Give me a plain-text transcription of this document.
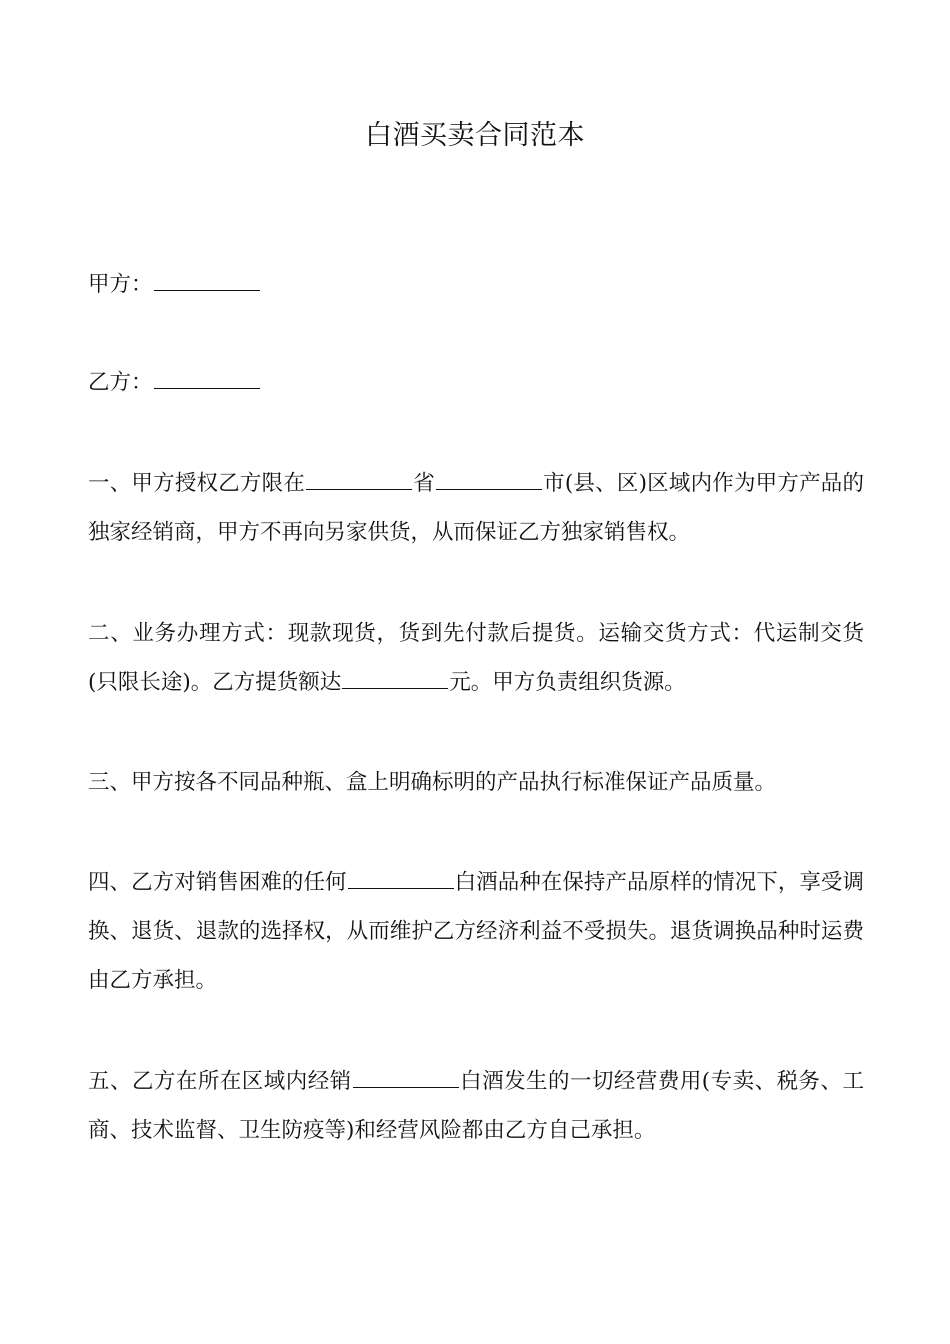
白酒买卖合同范本

甲方：

乙方：

一、甲方授权乙方限在	省	市(县、区)区域内作为甲方产品的独家经销商，甲方不再向另家供货，从而保证乙方独家销售权。

二、业务办理方式：现款现货，货到先付款后提货。运输交货方式：代运制交货(只限长途)。乙方提货额达	元。甲方负责组织货源。

三、甲方按各不同品种瓶、盒上明确标明的产品执行标准保证产品质量。

四、乙方对销售困难的任何	白酒品种在保持产品原样的情况下，享受调换、退货、退款的选择权，从而维护乙方经济利益不受损失。退货调换品种时运费由乙方承担。

五、乙方在所在区域内经销	白酒发生的一切经营费用(专卖、税务、工商、技术监督、卫生防疫等)和经营风险都由乙方自己承担。
